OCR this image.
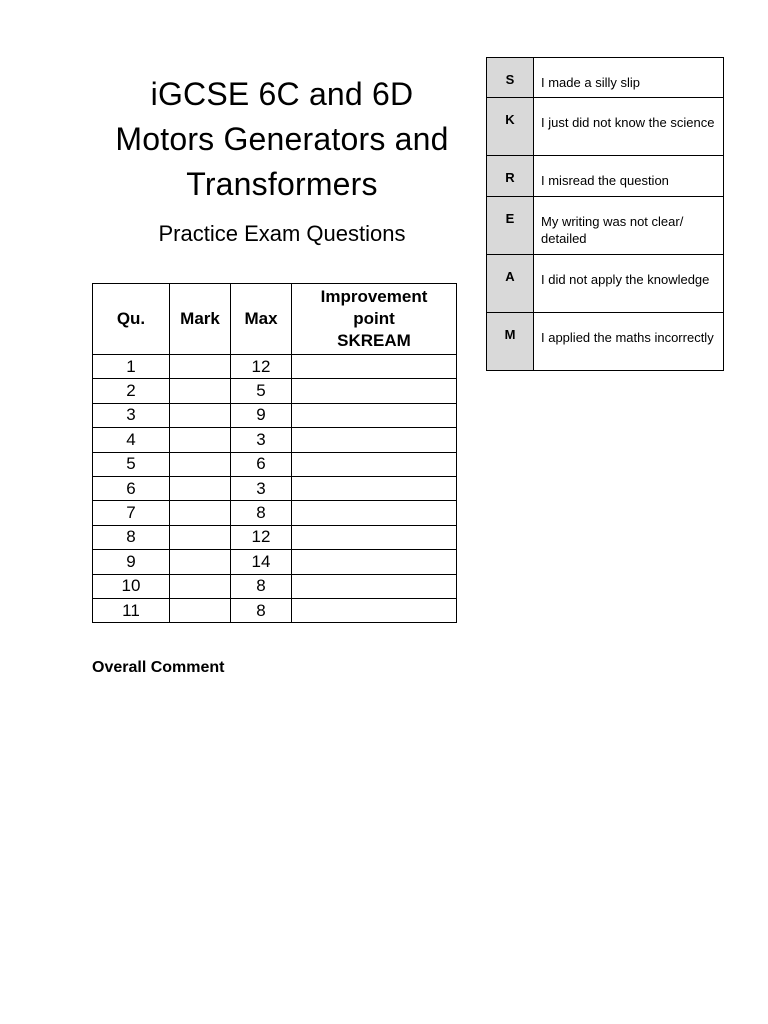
iGCSE 6C and 6D
Motors Generators and
Transformers
Practice Exam Questions
Qu.	Mark	Max	Improvement
point
SKREAM

1		12	
2		5	
3		9	
4		3	
5		6	
6		3	
7		8	
8		12	
9		14	
10		8	
11		8	
S	I made a silly slip
K	I just did not know the science
R	I misread the question
E	My writing was not clear/ detailed
A	I did not apply the knowledge
M	I applied the maths incorrectly
Overall Comment
